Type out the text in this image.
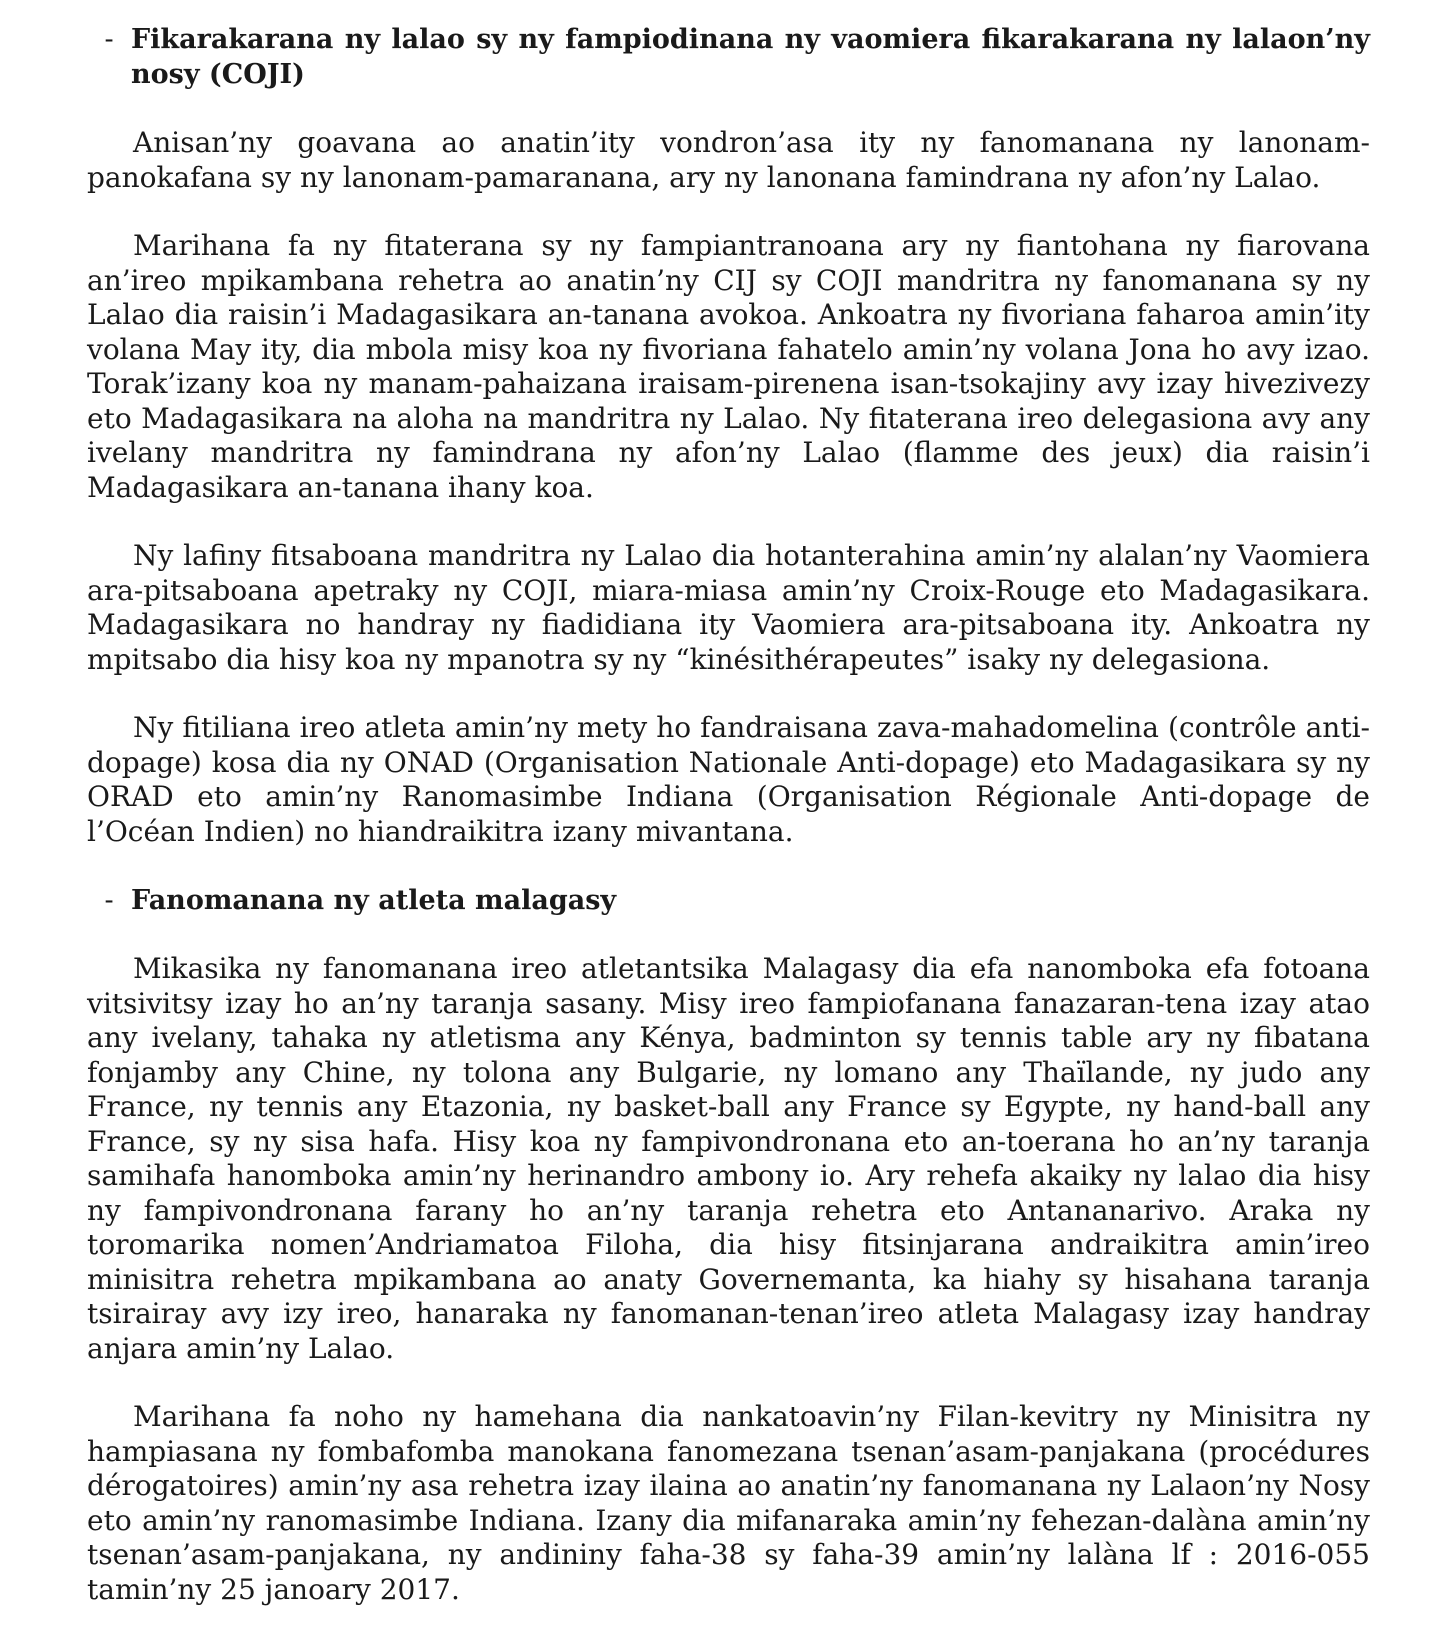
- Fikarakarana ny lalao sy ny fampiodinana ny vaomiera fikarakarana ny lalaon’ny nosy (COJI)

Anisan’ny goavana ao anatin’ity vondron’asa ity ny fanomanana ny lanonam-panokafana sy ny lanonam-pamaranana, ary ny lanonana famindrana ny afon’ny Lalao.

Marihana fa ny fitaterana sy ny fampiantranoana ary ny fiantohana ny fiarovana an’ireo mpikambana rehetra ao anatin’ny CIJ sy COJI mandritra ny fanomanana sy ny Lalao dia raisin’i Madagasikara an-tanana avokoa. Ankoatra ny fivoriana faharoa amin’ity volana May ity, dia mbola misy koa ny fivoriana fahatelo amin’ny volana Jona ho avy izao. Torak’izany koa ny manam-pahaizana iraisam-pirenena isan-tsokajiny avy izay hivezivezy eto Madagasikara na aloha na mandritra ny Lalao. Ny fitaterana ireo delegasiona avy any ivelany mandritra ny famindrana ny afon’ny Lalao (flamme des jeux) dia raisin’i Madagasikara an-tanana ihany koa.

Ny lafiny fitsaboana mandritra ny Lalao dia hotanterahina amin’ny alalan’ny Vaomiera ara-pitsaboana apetraky ny COJI, miara-miasa amin’ny Croix-Rouge eto Madagasikara. Madagasikara no handray ny fiadidiana ity Vaomiera ara-pitsaboana ity. Ankoatra ny mpitsabo dia hisy koa ny mpanotra sy ny “kinésithérapeutes” isaky ny delegasiona.

Ny fitiliana ireo atleta amin’ny mety ho fandraisana zava-mahadomelina (contrôle anti-dopage) kosa dia ny ONAD (Organisation Nationale Anti-dopage) eto Madagasikara sy ny ORAD eto amin’ny Ranomasimbe Indiana (Organisation Régionale Anti-dopage de l’Océan Indien) no hiandraikitra izany mivantana.

- Fanomanana ny atleta malagasy

Mikasika ny fanomanana ireo atletantsika Malagasy dia efa nanomboka efa fotoana vitsivitsy izay ho an’ny taranja sasany. Misy ireo fampiofanana fanazaran-tena izay atao any ivelany, tahaka ny atletisma any Kénya, badminton sy tennis table ary ny fibatana fonjamby any Chine, ny tolona any Bulgarie, ny lomano any Thaïlande, ny judo any France, ny tennis any Etazonia, ny basket-ball any France sy Egypte, ny hand-ball any France, sy ny sisa hafa. Hisy koa ny fampivondronana eto an-toerana ho an’ny taranja samihafa hanomboka amin’ny herinandro ambony io. Ary rehefa akaiky ny lalao dia hisy ny fampivondronana farany ho an’ny taranja rehetra eto Antananarivo. Araka ny toromarika nomen’Andriamatoa Filoha, dia hisy fitsinjarana andraikitra amin’ireo minisitra rehetra mpikambana ao anaty Governemanta, ka hiahy sy hisahana taranja tsirairay avy izy ireo, hanaraka ny fanomanan-tenan’ireo atleta Malagasy izay handray anjara amin’ny Lalao.

Marihana fa noho ny hamehana dia nankatoavin’ny Filan-kevitry ny Minisitra ny hampiasana ny fombafomba manokana fanomezana tsenan’asam-panjakana (procédures dérogatoires) amin’ny asa rehetra izay ilaina ao anatin’ny fanomanana ny Lalaon’ny Nosy eto amin’ny ranomasimbe Indiana. Izany dia mifanaraka amin’ny fehezan-dalàna amin’ny tsenan’asam-panjakana, ny andininy faha-38 sy faha-39 amin’ny lalàna lf : 2016-055 tamin’ny 25 janoary 2017.
